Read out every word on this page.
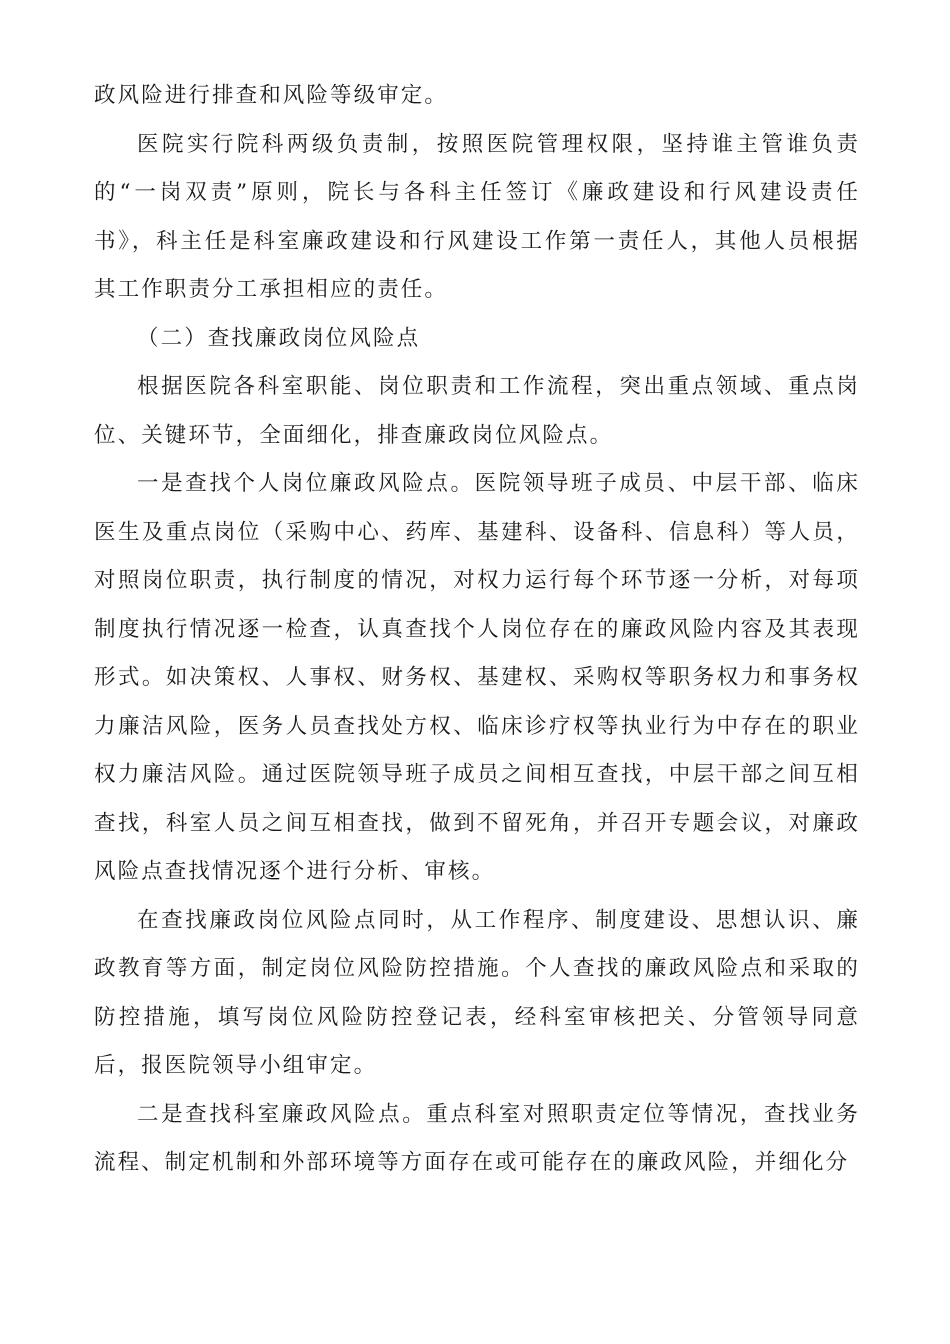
政风险进行排查和风险等级审定。

医院实行院科两级负责制，按照医院管理权限，坚持谁主管谁负责的“一岗双责”原则，院长与各科主任签订《廉政建设和行风建设责任书》，科主任是科室廉政建设和行风建设工作第一责任人，其他人员根据其工作职责分工承担相应的责任。

（二）查找廉政岗位风险点

根据医院各科室职能、岗位职责和工作流程，突出重点领域、重点岗位、关键环节，全面细化，排查廉政岗位风险点。

一是查找个人岗位廉政风险点。医院领导班子成员、中层干部、临床医生及重点岗位（采购中心、药库、基建科、设备科、信息科）等人员，对照岗位职责，执行制度的情况，对权力运行每个环节逐一分析，对每项制度执行情况逐一检查，认真查找个人岗位存在的廉政风险内容及其表现形式。如决策权、人事权、财务权、基建权、采购权等职务权力和事务权力廉洁风险，医务人员查找处方权、临床诊疗权等执业行为中存在的职业权力廉洁风险。通过医院领导班子成员之间相互查找，中层干部之间互相查找，科室人员之间互相查找，做到不留死角，并召开专题会议，对廉政风险点查找情况逐个进行分析、审核。

在查找廉政岗位风险点同时，从工作程序、制度建设、思想认识、廉政教育等方面，制定岗位风险防控措施。个人查找的廉政风险点和采取的防控措施，填写岗位风险防控登记表，经科室审核把关、分管领导同意后，报医院领导小组审定。

二是查找科室廉政风险点。重点科室对照职责定位等情况，查找业务流程、制定机制和外部环境等方面存在或可能存在的廉政风险，并细化分
